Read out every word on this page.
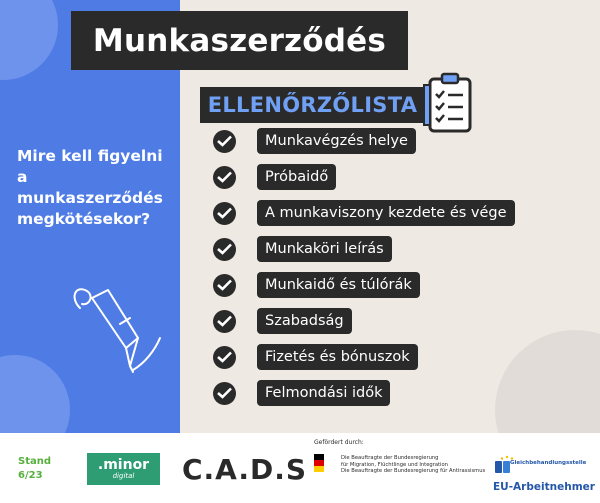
Munkaszerződés
ELLENŐRZŐLISTA
Mire kell figyelni a munkaszerződés megkötésekor?
Munkavégzés helye
Próbaidő
A munkaviszony kezdete és vége
Munkaköri leírás
Munkaidő és túlórák
Szabadság
Fizetés és bónuszok
Felmondási idők
Stand
6/23
.minor
digital C.A.D.S
Gefördert durch:
Die Beauftragte der Bundesregierung
für Migration, Flüchtlinge und Integration
Die Beauftragte der Bundesregierung für Antirassismus
Gleichbehandlungsstelle
EU-Arbeitnehmer
